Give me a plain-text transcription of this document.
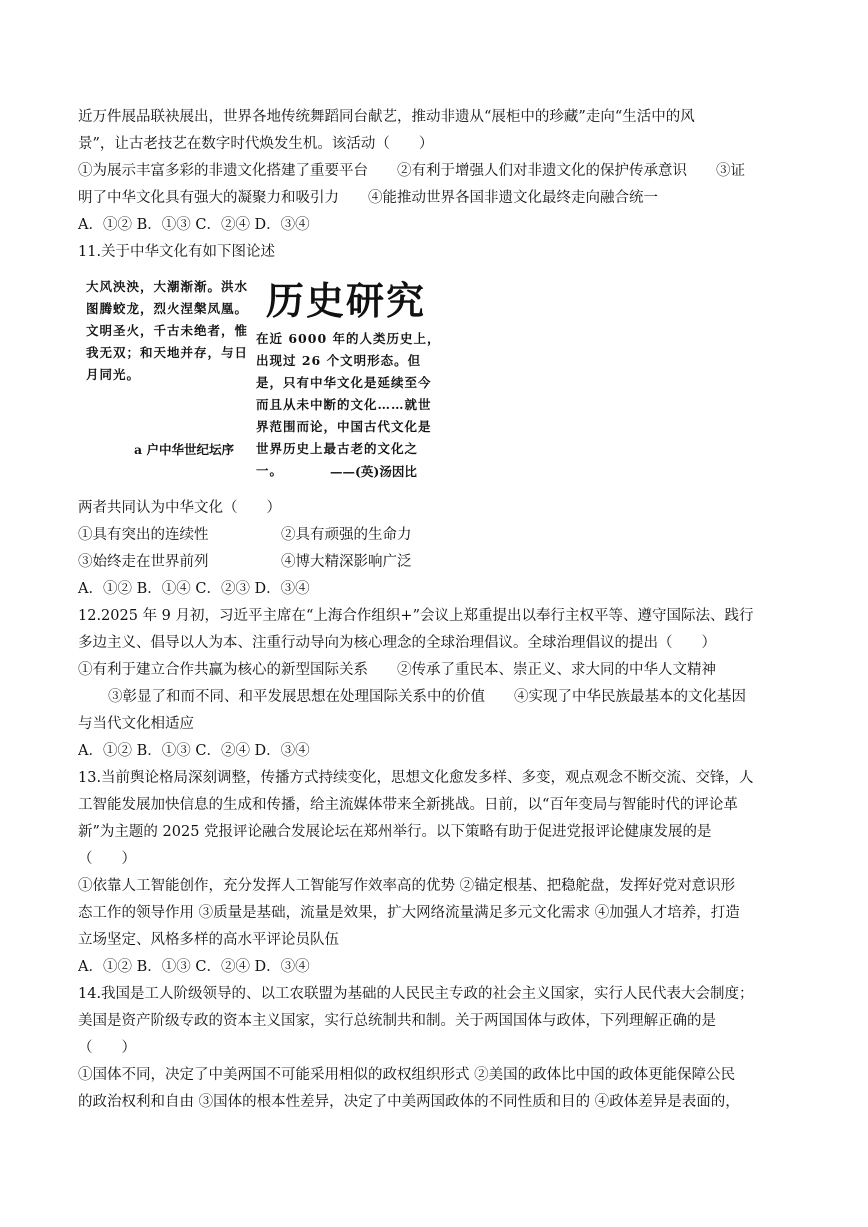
近万件展品联袂展出，世界各地传统舞蹈同台献艺，推动非遗从“展柜中的珍藏”走向“生活中的风
景”，让古老技艺在数字时代焕发生机。该活动（　　）
①为展示丰富多彩的非遗文化搭建了重要平台　　②有利于增强人们对非遗文化的保护传承意识　　③证
明了中华文化具有强大的凝聚力和吸引力　　④能推动世界各国非遗文化最终走向融合统一
A．①② B．①③ C．②④ D．③④
11.关于中华文化有如下图论述
大风泱泱，大潮渐渐。洪水图腾蛟龙，烈火涅槃凤凰。文明圣火，千古未绝者，惟我无双；和天地并存，与日月同光。
历史研究
在近 6000 年的人类历史上，出现过 26 个文明形态。但是，只有中华文化是延续至今而且从未中断的文化……就世界范围而论，中国古代文化是世界历史上最古老的文化之一。
a 户中华世纪坛序
——(英)汤因比
两者共同认为中华文化（　　）
①具有突出的连续性　　　　　②具有顽强的生命力
③始终走在世界前列　　　　　④博大精深影响广泛
A．①② B．①④ C．②③ D．③④
12.2025 年 9 月初，习近平主席在“上海合作组织+”会议上郑重提出以奉行主权平等、遵守国际法、践行
多边主义、倡导以人为本、注重行动导向为核心理念的全球治理倡议。全球治理倡议的提出（　　）
①有利于建立合作共赢为核心的新型国际关系　　②传承了重民本、崇正义、求大同的中华人文精神
③彰显了和而不同、和平发展思想在处理国际关系中的价值　　④实现了中华民族最基本的文化基因
与当代文化相适应
A．①② B．①③ C．②④ D．③④
13.当前舆论格局深刻调整，传播方式持续变化，思想文化愈发多样、多变，观点观念不断交流、交锋，人
工智能发展加快信息的生成和传播，给主流媒体带来全新挑战。日前，以“百年变局与智能时代的评论革
新”为主题的 2025 党报评论融合发展论坛在郑州举行。以下策略有助于促进党报评论健康发展的是
（　　）
①依靠人工智能创作，充分发挥人工智能写作效率高的优势 ②锚定根基、把稳舵盘，发挥好党对意识形
态工作的领导作用 ③质量是基础，流量是效果，扩大网络流量满足多元文化需求 ④加强人才培养，打造
立场坚定、风格多样的高水平评论员队伍
A．①② B．①③ C．②④ D．③④
14.我国是工人阶级领导的、以工农联盟为基础的人民民主专政的社会主义国家，实行人民代表大会制度；
美国是资产阶级专政的资本主义国家，实行总统制共和制。关于两国国体与政体，下列理解正确的是
（　　）
①国体不同，决定了中美两国不可能采用相似的政权组织形式 ②美国的政体比中国的政体更能保障公民
的政治权利和自由 ③国体的根本性差异，决定了中美两国政体的不同性质和目的 ④政体差异是表面的，
